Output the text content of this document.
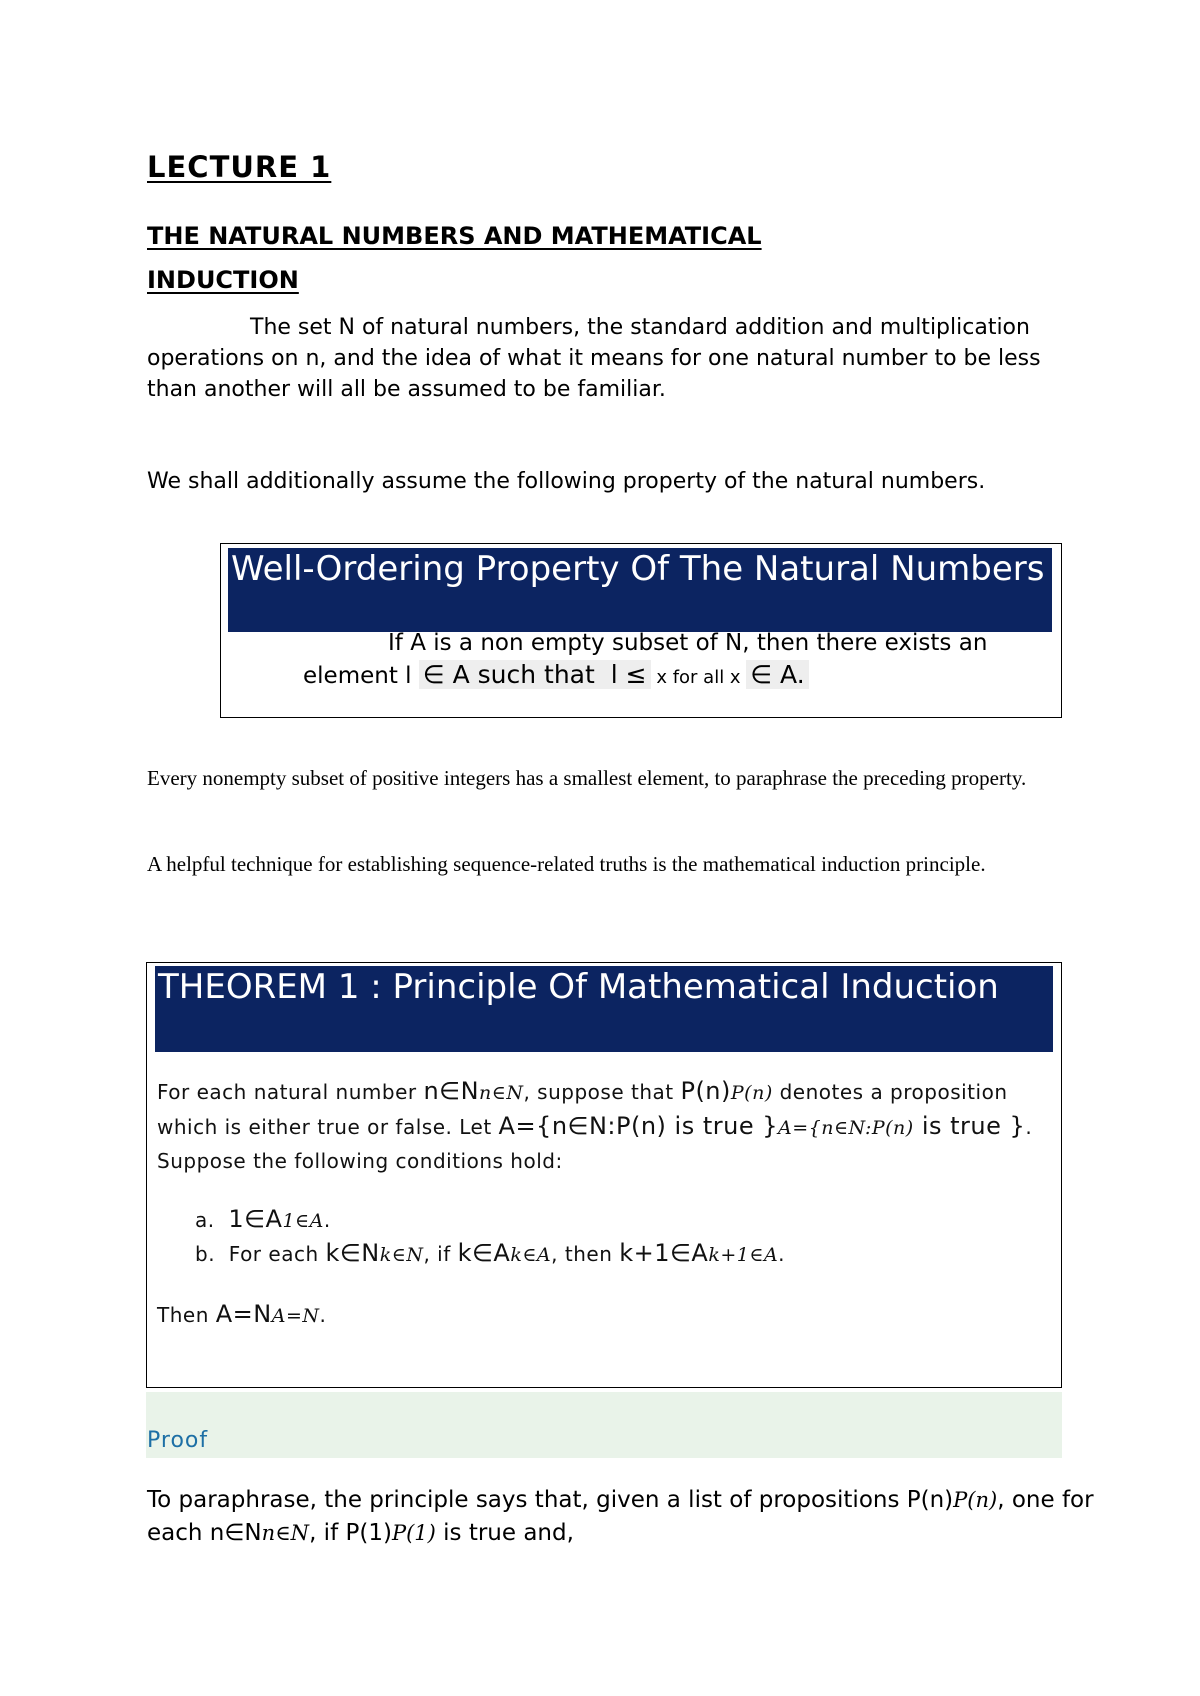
LECTURE 1
THE NATURAL NUMBERS AND MATHEMATICAL INDUCTION
The set N of natural numbers, the standard addition and multiplication operations on n, and the idea of what it means for one natural number to be less than another will all be assumed to be familiar.
We shall additionally assume the following property of the natural numbers.
Well-Ordering Property Of The Natural Numbers
If A is a non empty subset of N, then there exists an
element l ∈ A such that l ≤ x for all x ∈ A.
Every nonempty subset of positive integers has a smallest element, to paraphrase the preceding property.
A helpful technique for establishing sequence-related truths is the mathematical induction principle.
THEOREM 1 : Principle Of Mathematical Induction
For each natural number n∈Nn∈N, suppose that P(n)P(n) denotes a proposition which is either true or false. Let A={n∈N:P(n) is true }A={n∈N:P(n) is true }. Suppose the following conditions hold:
a. 1∈A1∈A.
b. For each k∈Nk∈N, if k∈Ak∈A, then k+1∈Ak+1∈A.
Then A=NA=N.
Proof
To paraphrase, the principle says that, given a list of propositions P(n)P(n), one for each n∈Nn∈N, if P(1)P(1) is true and,
